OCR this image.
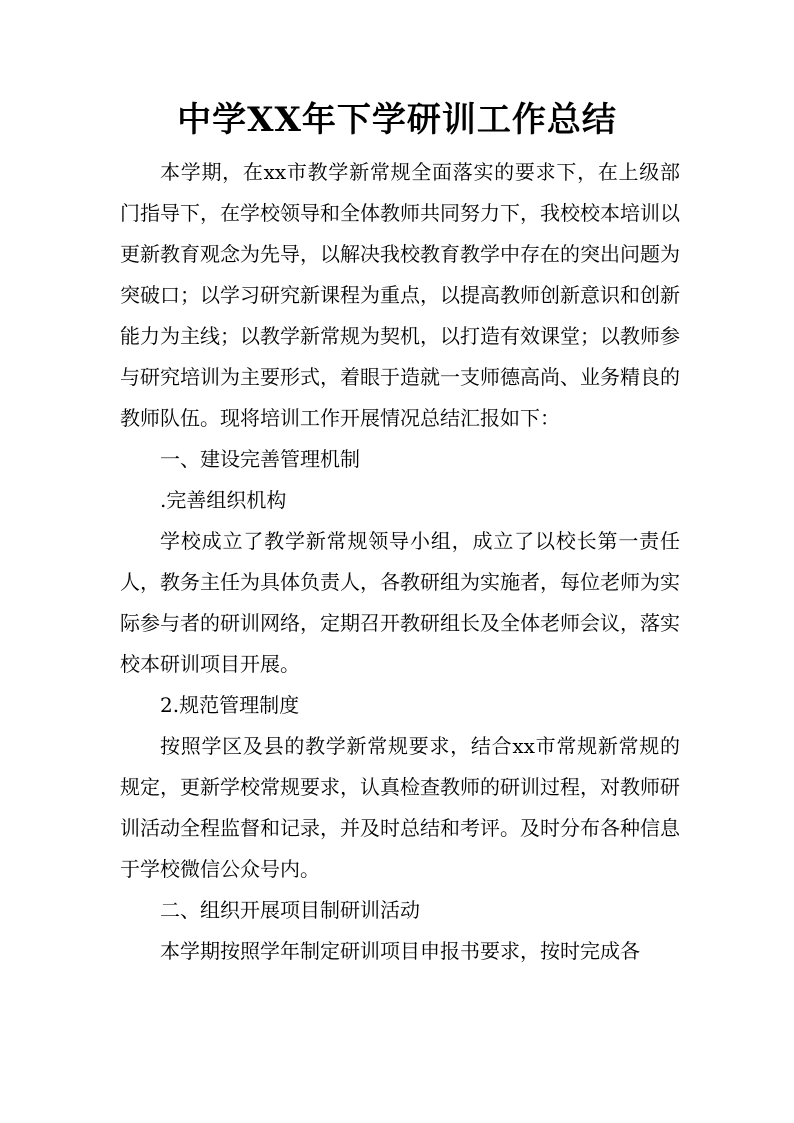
中学XX年下学研训工作总结

本学期，在xx市教学新常规全面落实的要求下，在上级部门指导下，在学校领导和全体教师共同努力下，我校校本培训以更新教育观念为先导，以解决我校教育教学中存在的突出问题为突破口；以学习研究新课程为重点，以提高教师创新意识和创新能力为主线；以教学新常规为契机，以打造有效课堂；以教师参与研究培训为主要形式，着眼于造就一支师德高尚、业务精良的教师队伍。现将培训工作开展情况总结汇报如下：

一、建设完善管理机制

.完善组织机构

学校成立了教学新常规领导小组，成立了以校长第一责任人，教务主任为具体负责人，各教研组为实施者，每位老师为实际参与者的研训网络，定期召开教研组长及全体老师会议，落实校本研训项目开展。

2.规范管理制度

按照学区及县的教学新常规要求，结合xx市常规新常规的规定，更新学校常规要求，认真检查教师的研训过程，对教师研训活动全程监督和记录，并及时总结和考评。及时分布各种信息于学校微信公众号内。

二、组织开展项目制研训活动

本学期按照学年制定研训项目申报书要求，按时完成各
